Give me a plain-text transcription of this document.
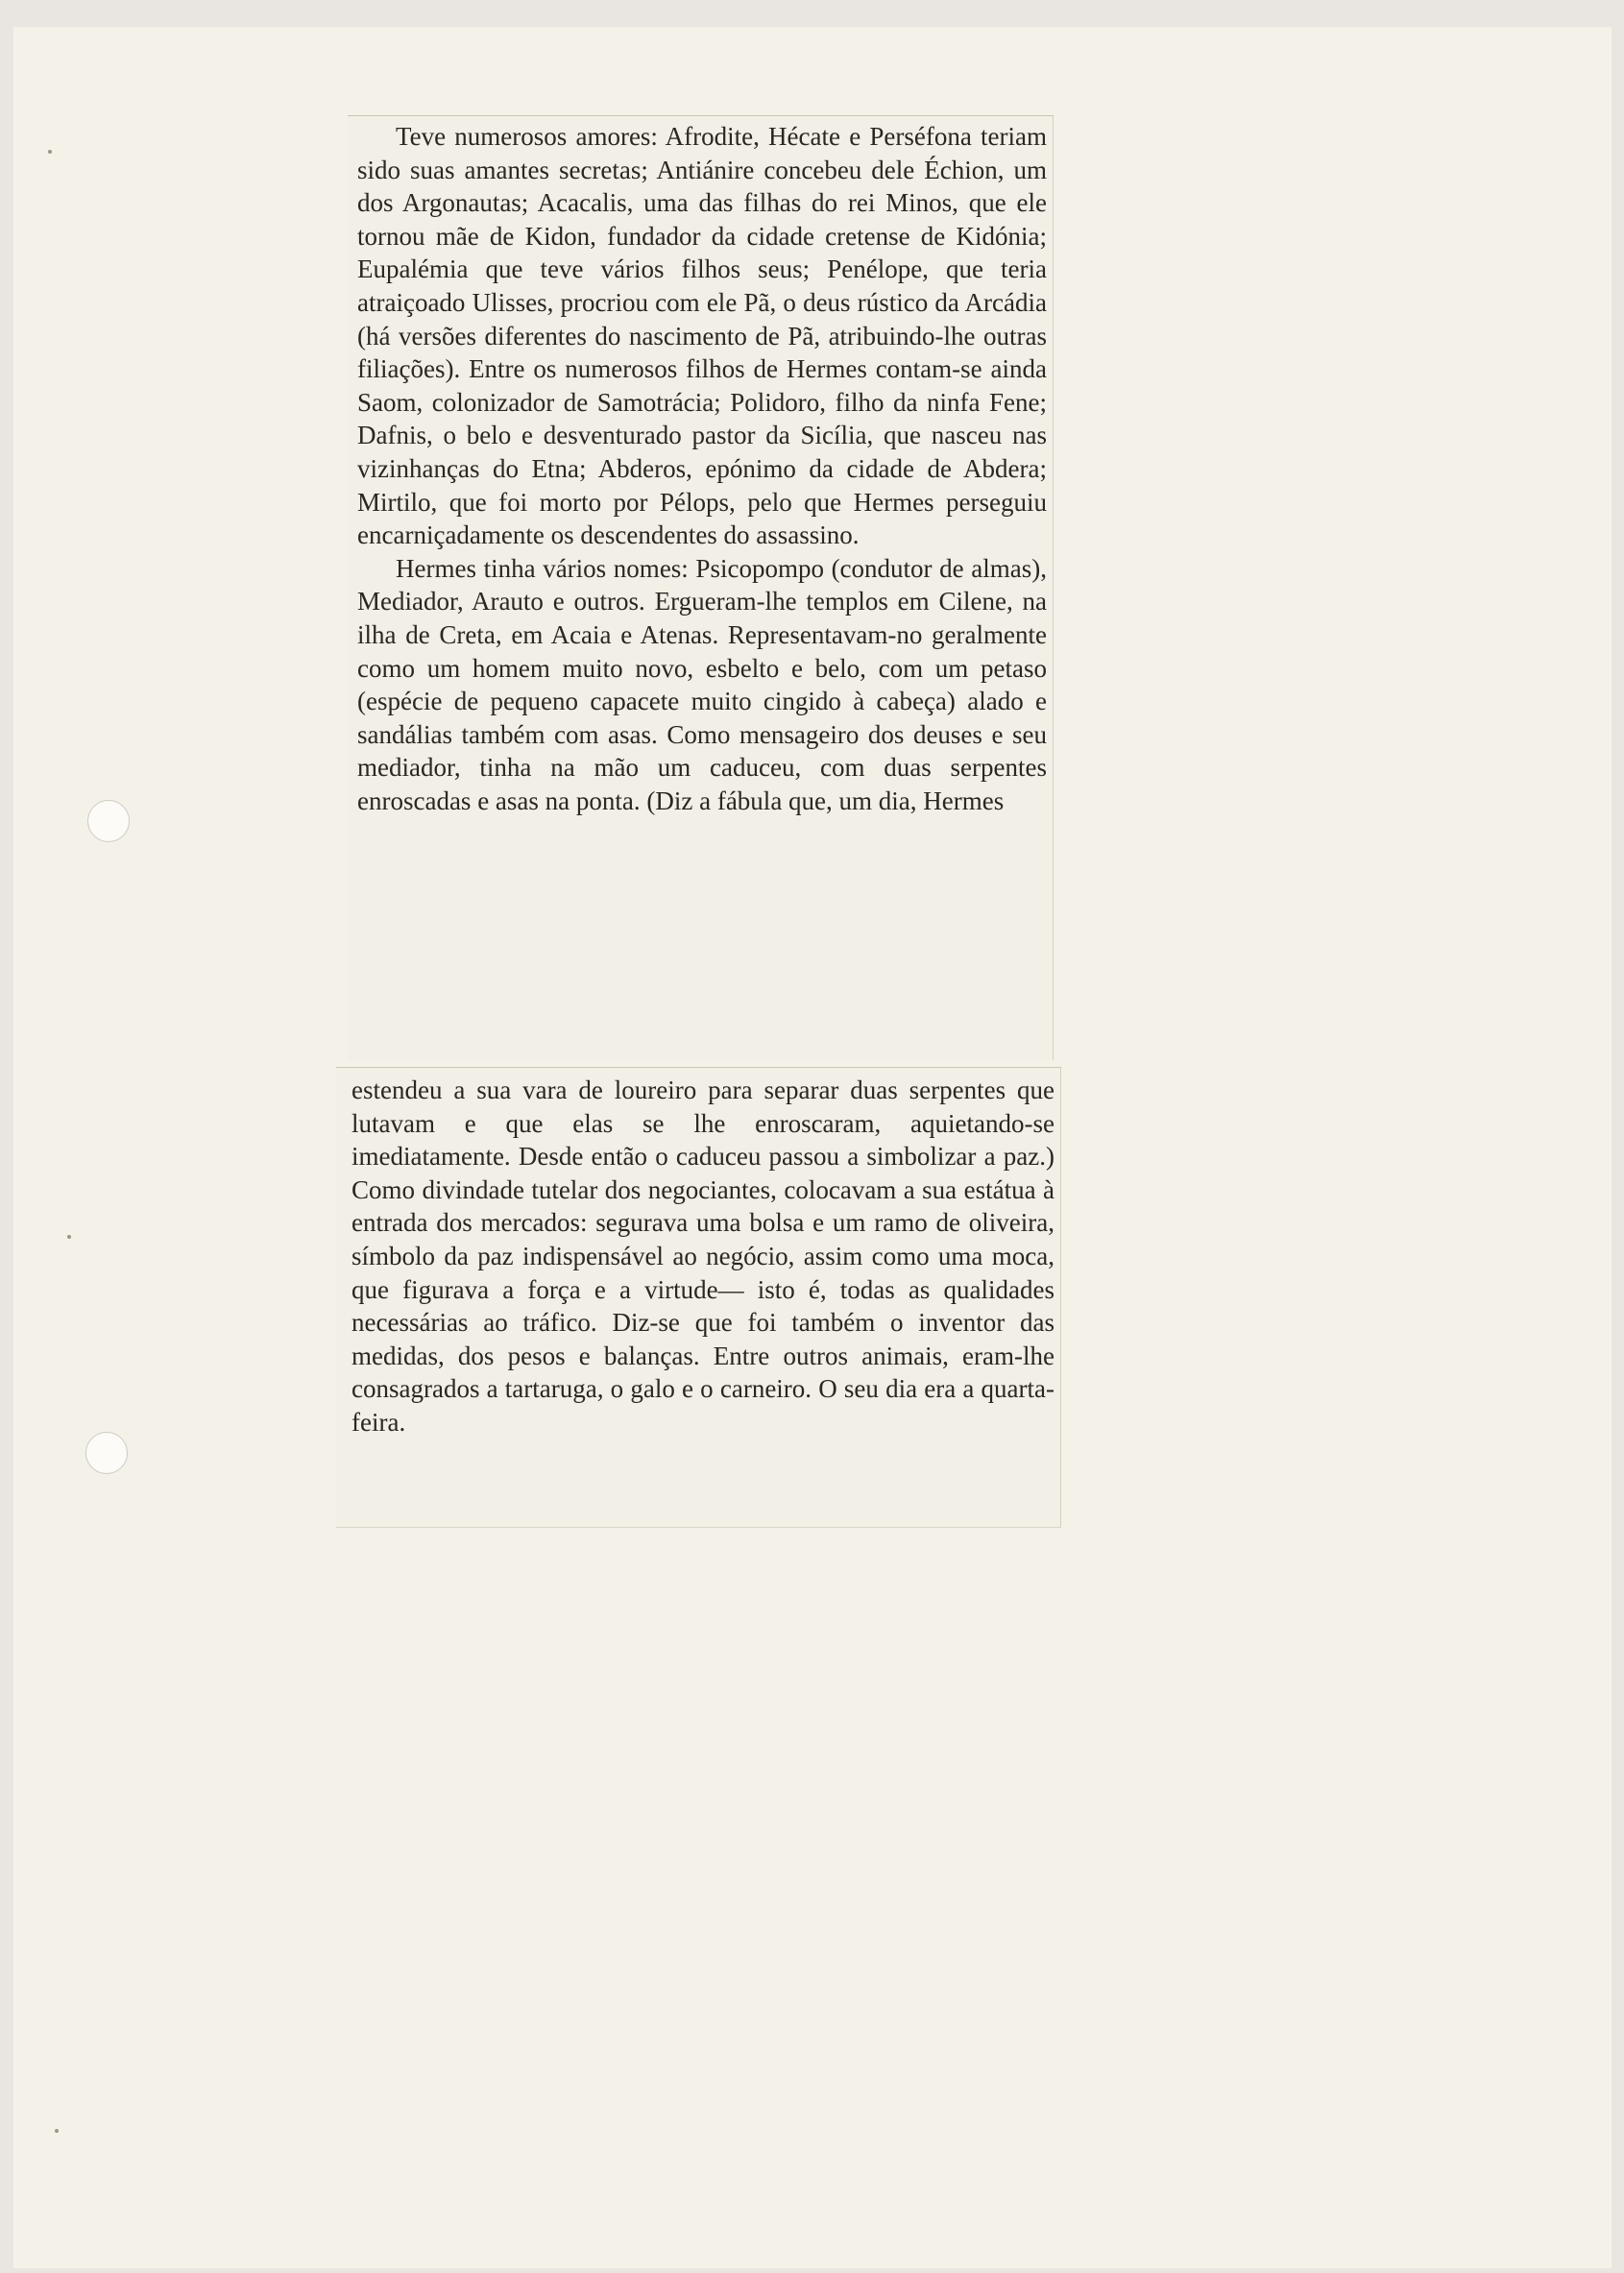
Teve numerosos amores: Afrodite, Hécate e Perséfona teriam sido suas amantes secretas; Antiánire concebeu dele Échion, um dos Argonautas; Acacalis, uma das filhas do rei Minos, que ele tornou mãe de Kidon, fundador da cidade cretense de Kidónia; Eupalémia que teve vários filhos seus; Penélope, que teria atraiçoado Ulisses, procriou com ele Pã, o deus rústico da Arcádia (há versões diferentes do nascimento de Pã, atribuindo-lhe outras filiações). Entre os numerosos filhos de Hermes contam-se ainda Saom, colonizador de Samotrácia; Polidoro, filho da ninfa Fene; Dafnis, o belo e desventurado pastor da Sicília, que nasceu nas vizinhanças do Etna; Abderos, epónimo da cidade de Abdera; Mirtilo, que foi morto por Pélops, pelo que Hermes perseguiu encarniçadamente os descendentes do assassino.

Hermes tinha vários nomes: Psicopompo (condutor de almas), Mediador, Arauto e outros. Ergueram-lhe templos em Cilene, na ilha de Creta, em Acaia e Atenas. Representavam-no geralmente como um homem muito novo, esbelto e belo, com um petaso (espécie de pequeno capacete muito cingido à cabeça) alado e sandálias também com asas. Como mensageiro dos deuses e seu mediador, tinha na mão um caduceu, com duas serpentes enroscadas e asas na ponta. (Diz a fábula que, um dia, Hermes

estendeu a sua vara de loureiro para separar duas serpentes que lutavam e que elas se lhe enroscaram, aquietando-se imediatamente. Desde então o caduceu passou a simbolizar a paz.) Como divindade tutelar dos negociantes, colocavam a sua estátua à entrada dos mercados: segurava uma bolsa e um ramo de oliveira, símbolo da paz indispensável ao negócio, assim como uma moca, que figurava a força e a virtude— isto é, todas as qualidades necessárias ao tráfico. Diz-se que foi também o inventor das medidas, dos pesos e balanças. Entre outros animais, eram-lhe consagrados a tartaruga, o galo e o carneiro. O seu dia era a quarta-feira.
